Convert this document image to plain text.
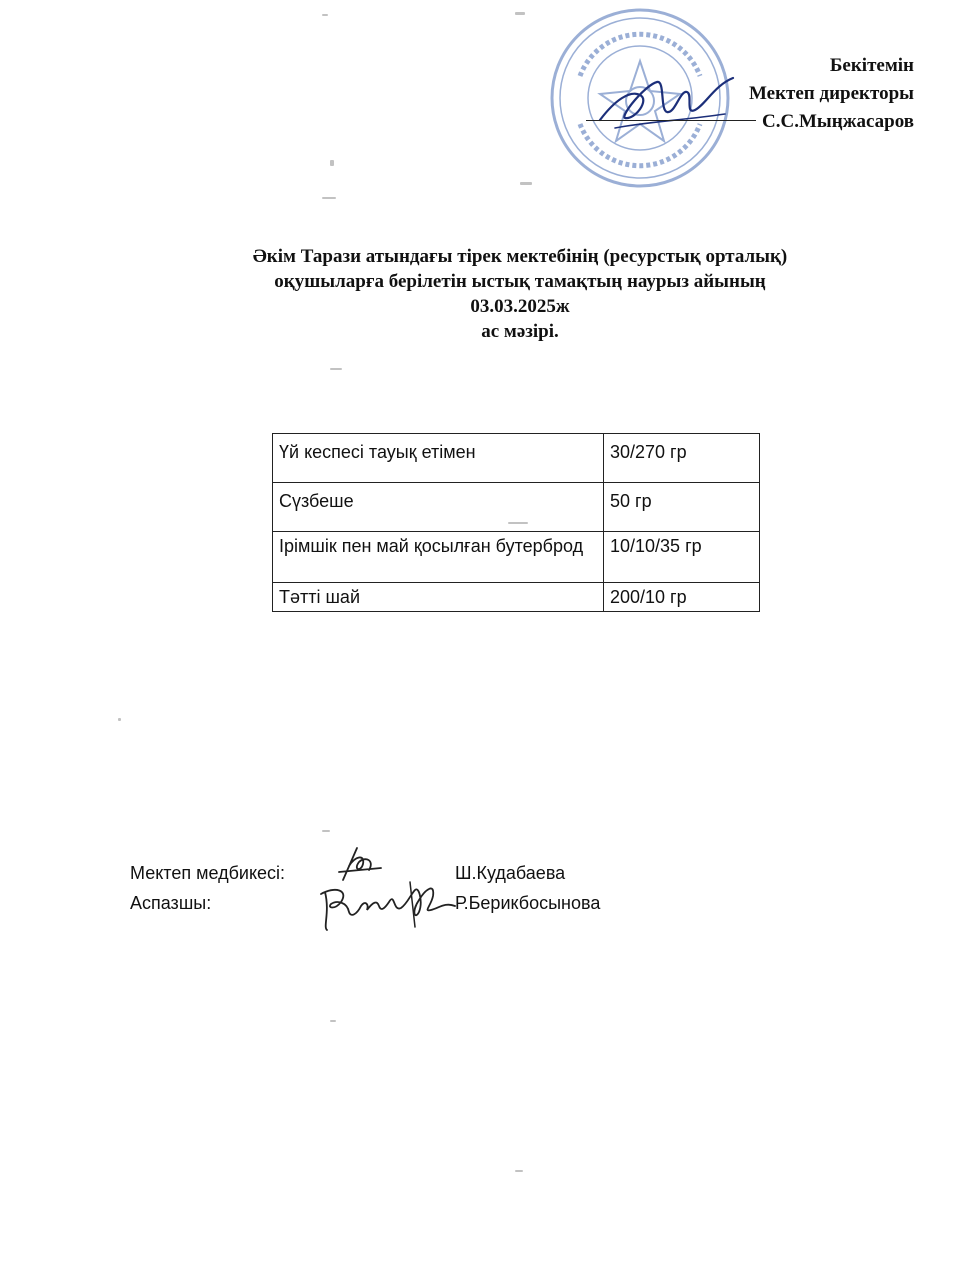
Бекітемін
Мектеп директоры
С.С.Мыңжасаров
Әкім Тарази атындағы тірек мектебінің (ресурстық орталық)
оқушыларға берілетін ыстық тамақтың наурыз айының
03.03.2025ж
ас мәзірі.
Үй кеспесі тауық етімен	30/270 гр
Сүзбеше	50 гр
Ірімшік пен май қосылған бутерброд	10/10/35 гр
Тәтті шай	200/10 гр
Мектеп медбикесі:	Ш.Кудабаева
Аспазшы:	Р.Берикбосынова
